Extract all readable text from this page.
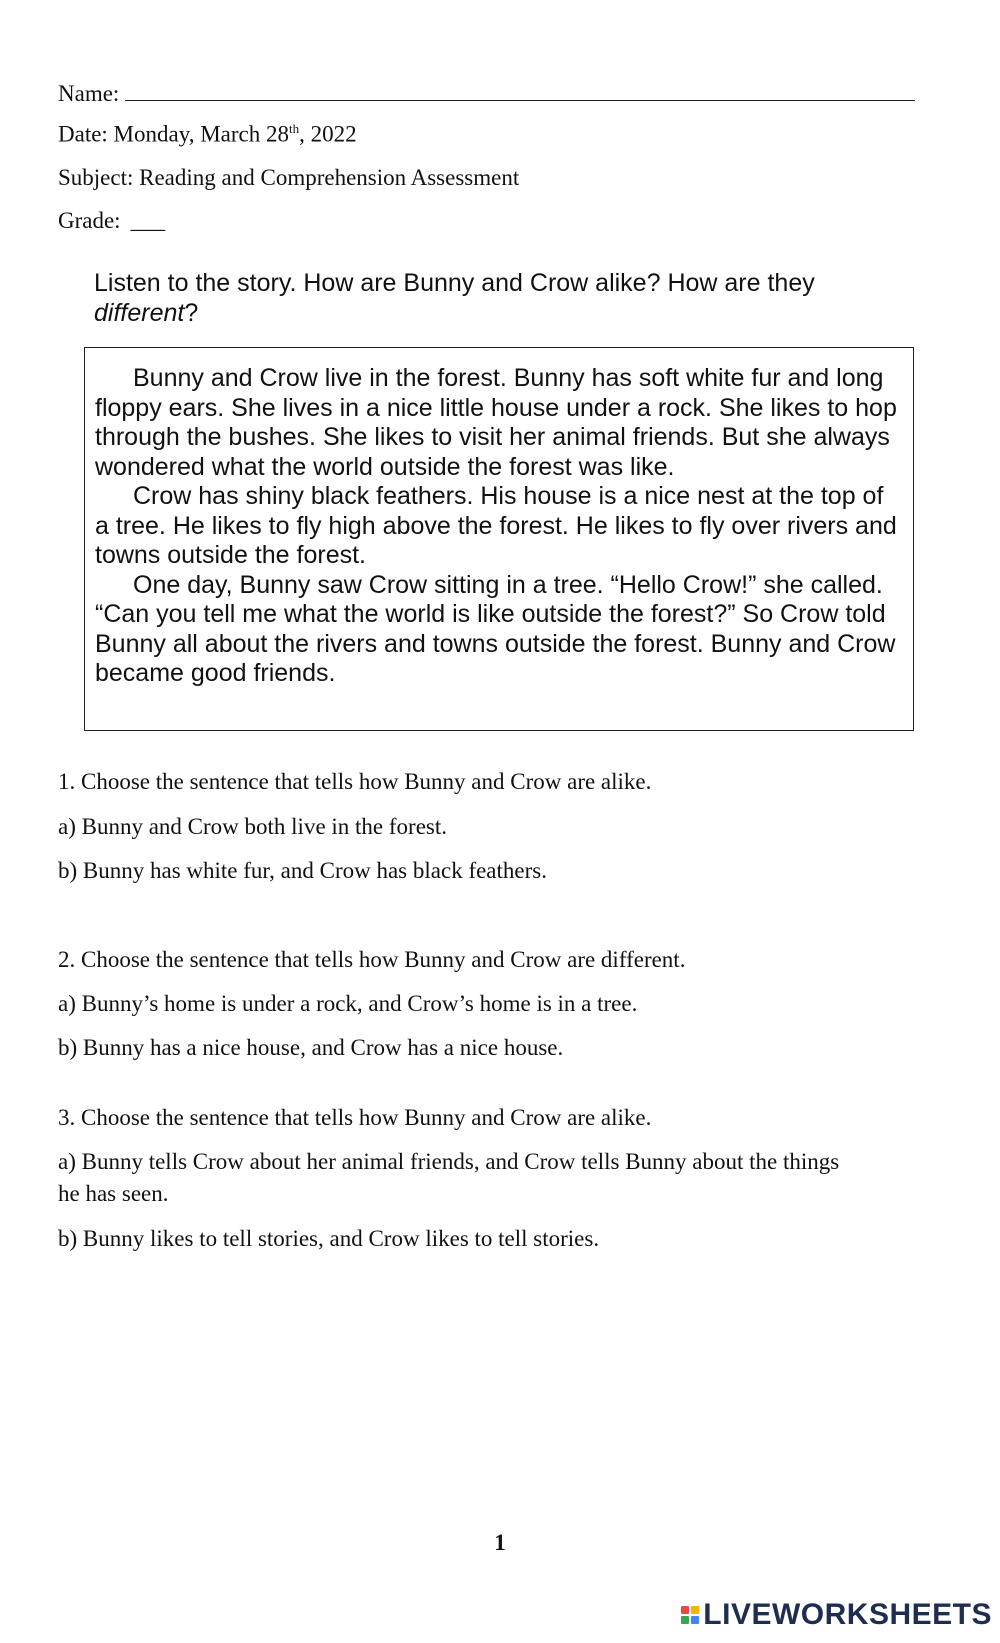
Name:
Date: Monday, March 28th, 2022
Subject: Reading and Comprehension Assessment
Grade: ___
Listen to the story. How are Bunny and Crow alike? How are they different?

Bunny and Crow live in the forest. Bunny has soft white fur and long floppy ears. She lives in a nice little house under a rock. She likes to hop through the bushes. She likes to visit her animal friends. But she always wondered what the world outside the forest was like.

Crow has shiny black feathers. His house is a nice nest at the top of a tree. He likes to fly high above the forest. He likes to fly over rivers and towns outside the forest.

One day, Bunny saw Crow sitting in a tree. “Hello Crow!” she called. “Can you tell me what the world is like outside the forest?” So Crow told Bunny all about the rivers and towns outside the forest. Bunny and Crow became good friends.

1. Choose the sentence that tells how Bunny and Crow are alike.
a) Bunny and Crow both live in the forest.
b) Bunny has white fur, and Crow has black feathers.
2. Choose the sentence that tells how Bunny and Crow are different.
a) Bunny’s home is under a rock, and Crow’s home is in a tree.
b) Bunny has a nice house, and Crow has a nice house.
3. Choose the sentence that tells how Bunny and Crow are alike.
a) Bunny tells Crow about her animal friends, and Crow tells Bunny about the things he has seen.
b) Bunny likes to tell stories, and Crow likes to tell stories.
1
LIVEWORKSHEETS
